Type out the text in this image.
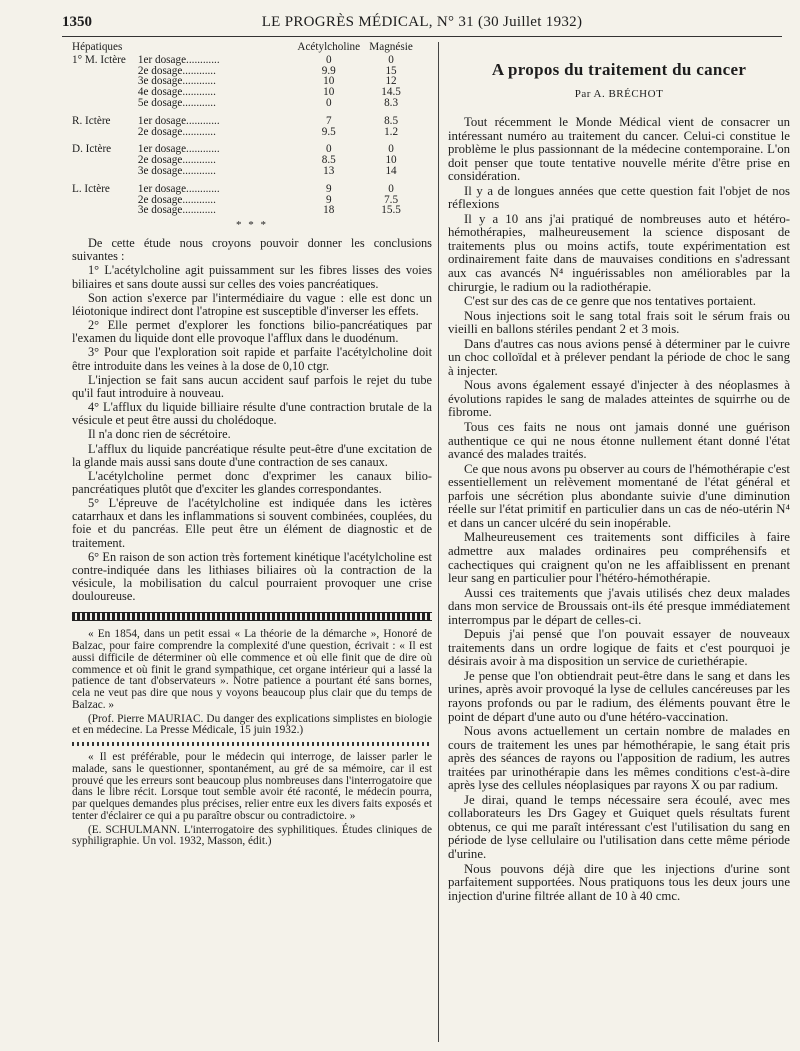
1350	LE PROGRÈS MÉDICAL, N° 31 (30 Juillet 1932)
Hépatiques		Acétylcholine	Magnésie
1° M. Ictère	1er dosage............	0	0
	2e dosage............	9.9	15
	3e dosage............	10	12
	4e dosage............	10	14.5
	5e dosage............	0	8.3
R. Ictère	1er dosage............	7	8.5
	2e dosage............	9.5	1.2
D. Ictère	1er dosage............	0	0
	2e dosage............	8.5	10
	3e dosage............	13	14
L. Ictère	1er dosage............	9	0
	2e dosage............	9	7.5
	3e dosage............	18	15.5
* * *

De cette étude nous croyons pouvoir donner les conclusions suivantes :

1° L'acétylcholine agit puissamment sur les fibres lisses des voies biliaires et sans doute aussi sur celles des voies pancréatiques.

Son action s'exerce par l'intermédiaire du vague : elle est donc un léiotonique indirect dont l'atropine est susceptible d'inverser les effets.

2° Elle permet d'explorer les fonctions bilio-pancréatiques par l'examen du liquide dont elle provoque l'afflux dans le duodénum.

3° Pour que l'exploration soit rapide et parfaite l'acétylcholine doit être introduite dans les veines à la dose de 0,10 ctgr.

L'injection se fait sans aucun accident sauf parfois le rejet du tube qu'il faut introduire à nouveau.

4° L'afflux du liquide billiaire résulte d'une contraction brutale de la vésicule et peut être aussi du cholédoque.

Il n'a donc rien de sécrétoire.

L'afflux du liquide pancréatique résulte peut-être d'une excitation de la glande mais aussi sans doute d'une contraction de ses canaux.

L'acétylcholine permet donc d'exprimer les canaux bilio-pancréatiques plutôt que d'exciter les glandes correspondantes.

5° L'épreuve de l'acétylcholine est indiquée dans les ictères catarrhaux et dans les inflammations si souvent combinées, couplées, du foie et du pancréas. Elle peut être un élément de diagnostic et de traitement.

6° En raison de son action très fortement kinétique l'acétylcholine est contre-indiquée dans les lithiases biliaires où la contraction de la vésicule, la mobilisation du calcul pourraient provoquer une crise douloureuse.

« En 1854, dans un petit essai « La théorie de la démarche », Honoré de Balzac, pour faire comprendre la complexité d'une question, écrivait : « Il est aussi difficile de déterminer où elle commence et où elle finit que de dire où commence et où finit le grand sympathique, cet organe intérieur qui a lassé la patience de tant d'observateurs ». Notre patience a pourtant été sans bornes, cela ne veut pas dire que nous y voyons beaucoup plus clair que du temps de Balzac. »

(Prof. Pierre MAURIAC. Du danger des explications simplistes en biologie et en médecine. La Presse Médicale, 15 juin 1932.)

« Il est préférable, pour le médecin qui interroge, de laisser parler le malade, sans le questionner, spontanément, au gré de sa mémoire, car il est prouvé que les erreurs sont beaucoup plus nombreuses dans l'interrogatoire que dans le libre récit. Lorsque tout semble avoir été raconté, le médecin pourra, par quelques demandes plus précises, relier entre eux les divers faits exposés et tenter d'éclairer ce qui a pu paraître obscur ou contradictoire. »

(E. SCHULMANN. L'interrogatoire des syphilitiques. Études cliniques de syphiligraphie. Un vol. 1932, Masson, édit.)

A propos du traitement du cancer
Par A. BRÉCHOT

Tout récemment le Monde Médical vient de consacrer un intéressant numéro au traitement du cancer. Celui-ci constitue le problème le plus passionnant de la médecine contemporaine. L'on doit penser que toute tentative nouvelle mérite d'être prise en considération.

Il y a de longues années que cette question fait l'objet de nos réflexions

Il y a 10 ans j'ai pratiqué de nombreuses auto et hétéro-hémothérapies, malheureusement la science disposant de traitements plus ou moins actifs, toute expérimentation est ordinairement faite dans de mauvaises conditions en s'adressant aux cas avancés N⁴ inguérissables non améliorables par la chirurgie, le radium ou la radiothérapie.

C'est sur des cas de ce genre que nos tentatives portaient.

Nous injections soit le sang total frais soit le sérum frais ou vieilli en ballons stériles pendant 2 et 3 mois.

Dans d'autres cas nous avions pensé à déterminer par le cuivre un choc colloïdal et à prélever pendant la période de choc le sang à injecter.

Nous avons également essayé d'injecter à des néoplasmes à évolutions rapides le sang de malades atteintes de squirrhe ou de fibrome.

Tous ces faits ne nous ont jamais donné une guérison authentique ce qui ne nous étonne nullement étant donné l'état avancé des malades traités.

Ce que nous avons pu observer au cours de l'hémothérapie c'est essentiellement un relèvement momentané de l'état général et parfois une sécrétion plus abondante suivie d'une diminution réelle sur l'état primitif en particulier dans un cas de néo-utérin N⁴ et dans un cancer ulcéré du sein inopérable.

Malheureusement ces traitements sont difficiles à faire admettre aux malades ordinaires peu compréhensifs et cachectiques qui craignent qu'on ne les affaiblissent en prenant leur sang en particulier pour l'hétéro-hémothérapie.

Aussi ces traitements que j'avais utilisés chez deux malades dans mon service de Broussais ont-ils été presque immédiatement interrompus par le départ de celles-ci.

Depuis j'ai pensé que l'on pouvait essayer de nouveaux traitements dans un ordre logique de faits et c'est pourquoi je désirais avoir à ma disposition un service de curiethérapie.

Je pense que l'on obtiendrait peut-être dans le sang et dans les urines, après avoir provoqué la lyse de cellules cancéreuses par les rayons profonds ou par le radium, des éléments pouvant être le point de départ d'une auto ou d'une hétéro-vaccination.

Nous avons actuellement un certain nombre de malades en cours de traitement les unes par hémothérapie, le sang était pris après des séances de rayons ou l'apposition de radium, les autres traitées par urinothérapie dans les mêmes conditions c'est-à-dire après lyse des cellules néoplasiques par rayons X ou par radium.

Je dirai, quand le temps nécessaire sera écoulé, avec mes collaborateurs les Drs Gagey et Guiquet quels résultats furent obtenus, ce qui me paraît intéressant c'est l'utilisation du sang en période de lyse cellulaire ou l'utilisation dans cette même période d'urine.

Nous pouvons déjà dire que les injections d'urine sont parfaitement supportées. Nous pratiquons tous les deux jours une injection d'urine filtrée allant de 10 à 40 cmc.
